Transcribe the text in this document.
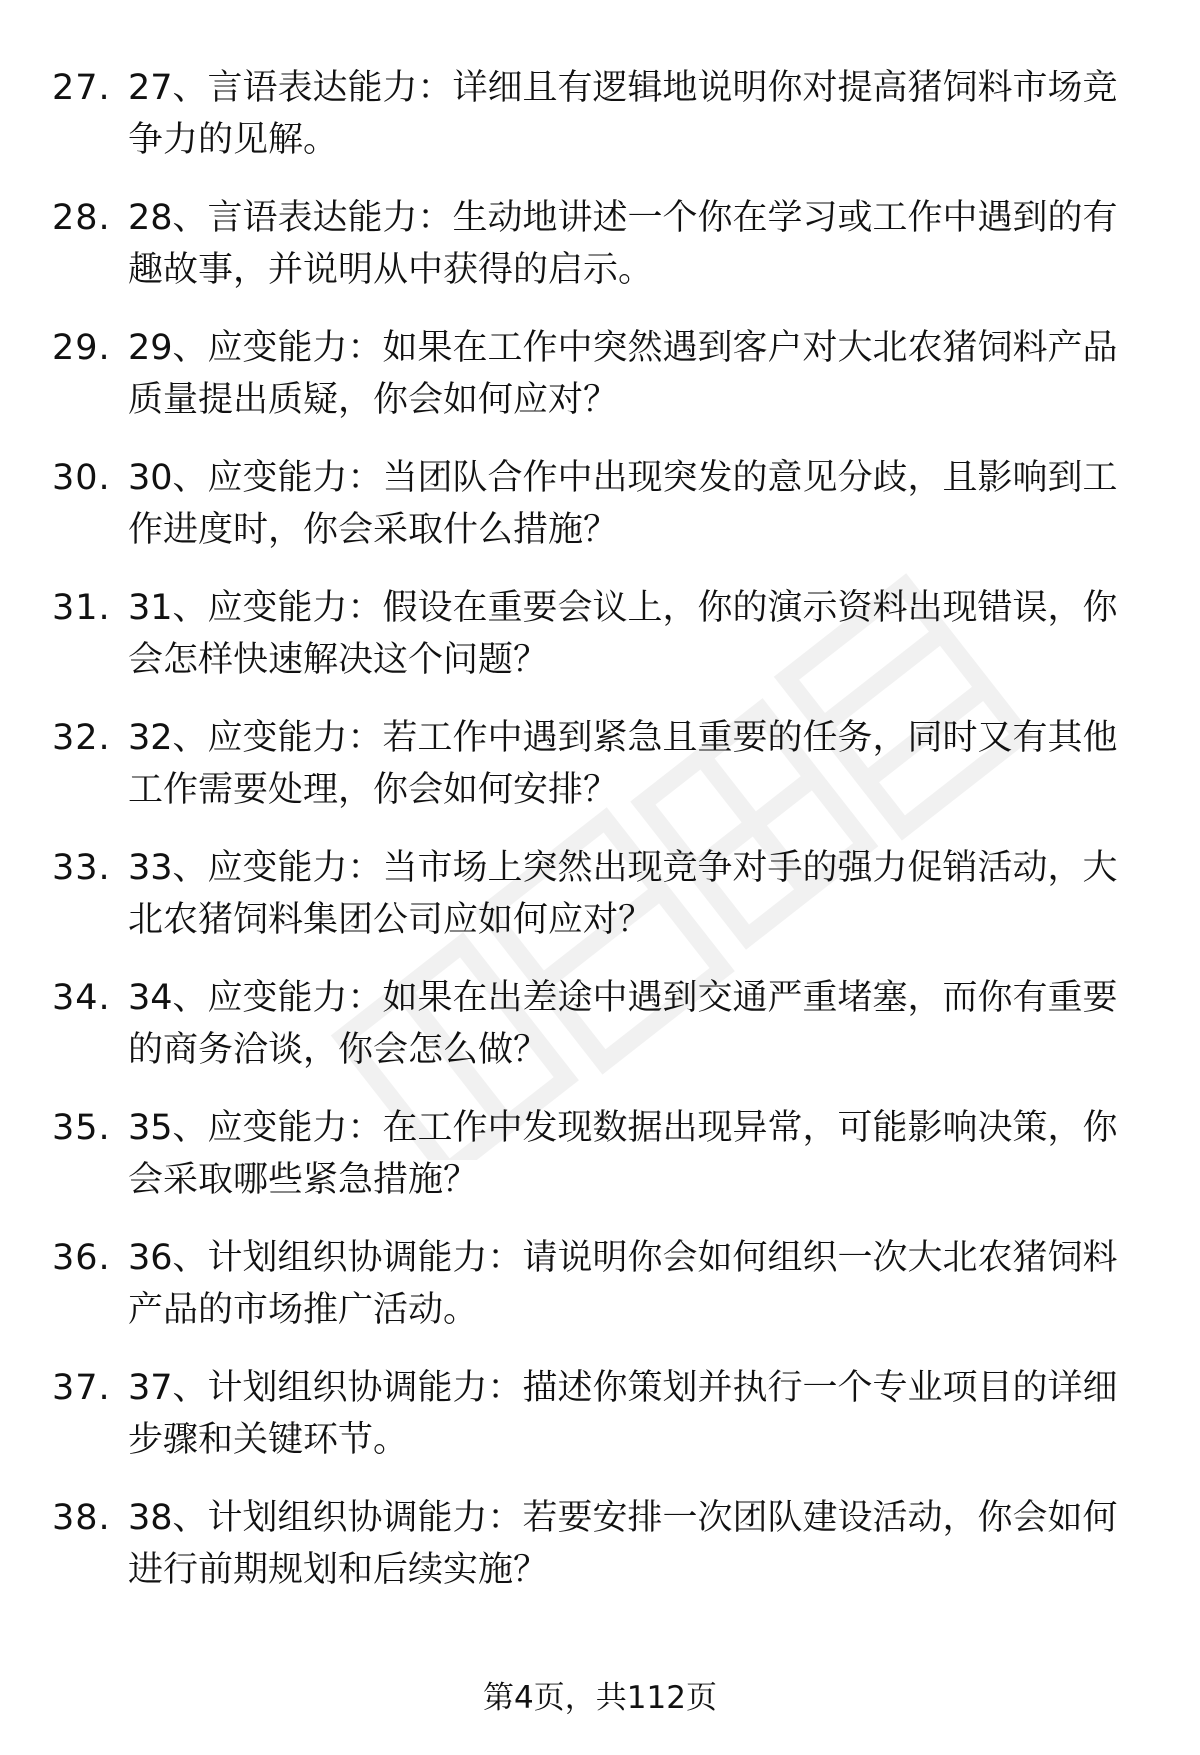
27. 27、言语表达能力：详细且有逻辑地说明你对提高猪饲料市场竞争力的见解。
28. 28、言语表达能力：生动地讲述一个你在学习或工作中遇到的有趣故事，并说明从中获得的启示。
29. 29、应变能力：如果在工作中突然遇到客户对大北农猪饲料产品质量提出质疑，你会如何应对？
30. 30、应变能力：当团队合作中出现突发的意见分歧，且影响到工作进度时，你会采取什么措施？
31. 31、应变能力：假设在重要会议上，你的演示资料出现错误，你会怎样快速解决这个问题？
32. 32、应变能力：若工作中遇到紧急且重要的任务，同时又有其他工作需要处理，你会如何安排？
33. 33、应变能力：当市场上突然出现竞争对手的强力促销活动，大北农猪饲料集团公司应如何应对？
34. 34、应变能力：如果在出差途中遇到交通严重堵塞，而你有重要的商务洽谈，你会怎么做？
35. 35、应变能力：在工作中发现数据出现异常，可能影响决策，你会采取哪些紧急措施？
36. 36、计划组织协调能力：请说明你会如何组织一次大北农猪饲料产品的市场推广活动。
37. 37、计划组织协调能力：描述你策划并执行一个专业项目的详细步骤和关键环节。
38. 38、计划组织协调能力：若要安排一次团队建设活动，你会如何进行前期规划和后续实施？
第4页，共112页
